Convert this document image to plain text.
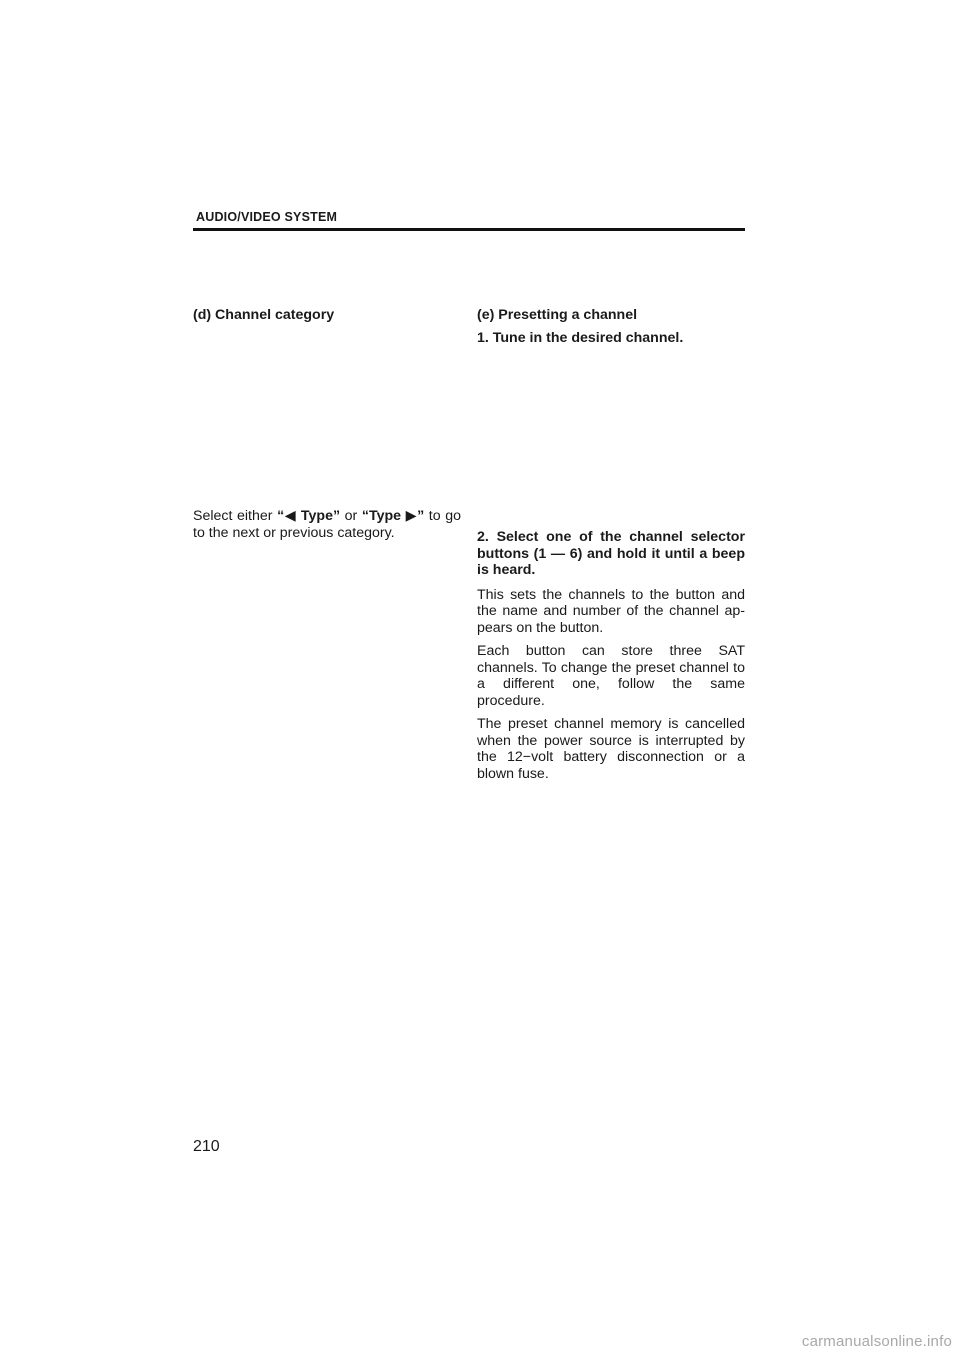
AUDIO/VIDEO SYSTEM

(d) Channel category

Select either “◀ Type” or “Type ▶” to go to the next or previous category.

(e) Presetting a channel

1. Tune in the desired channel.

2. Select one of the channel selector buttons (1 — 6) and hold it until a beep is heard.

This sets the channels to the button and the name and number of the channel ap-pears on the button.

Each button can store three SAT channels. To change the preset channel to a different one, follow the same procedure.

The preset channel memory is cancelled when the power source is interrupted by the 12−volt battery disconnection or a blown fuse.

210
carmanualsonline.info
